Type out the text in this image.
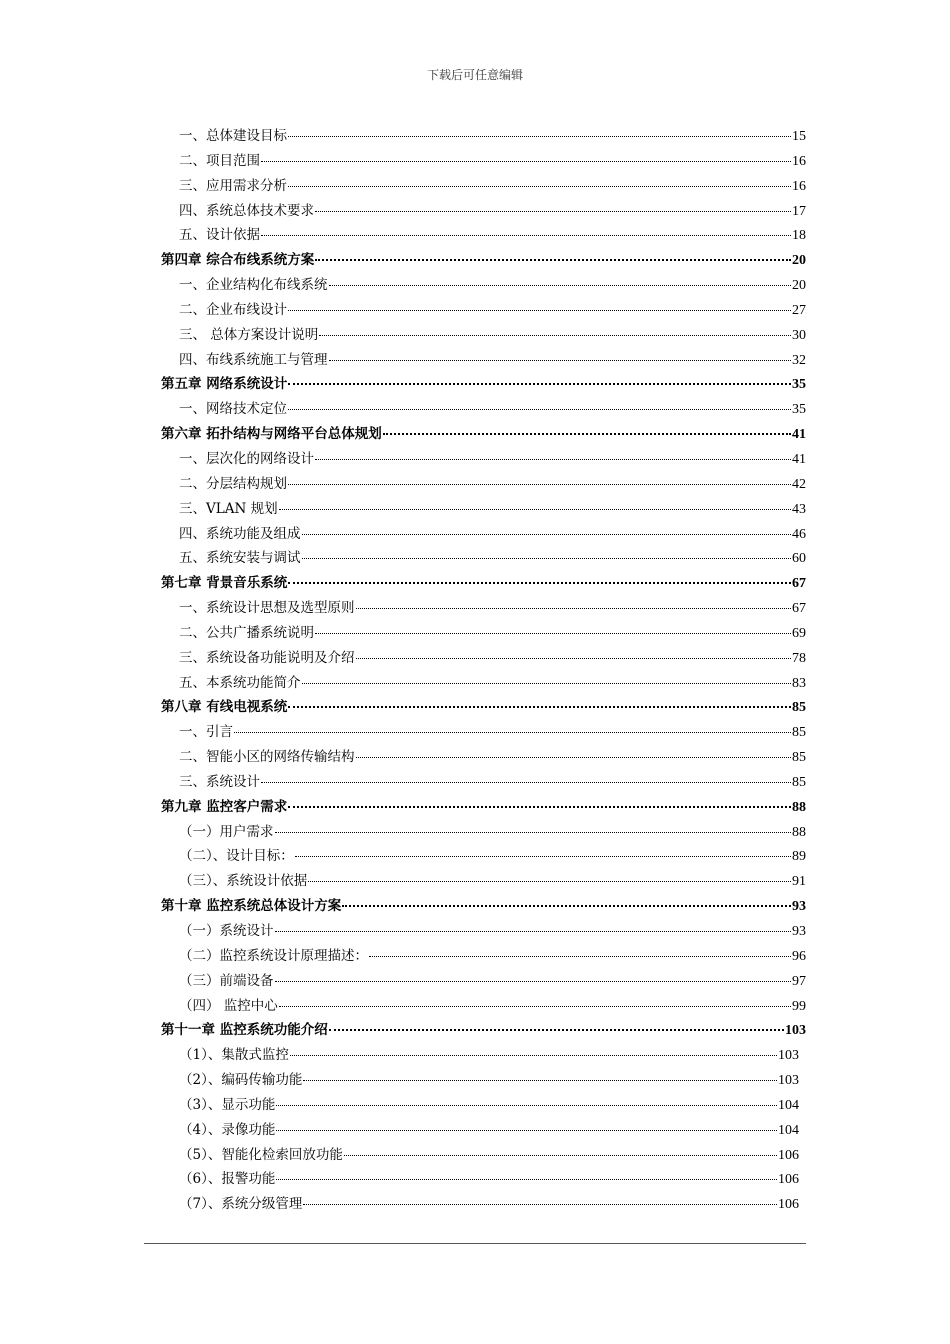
下载后可任意编辑
一、总体建设目标	15
二、项目范围	16
三、应用需求分析	16
四、系统总体技术要求	17
五、设计依据	18
第四章 综合布线系统方案	20
一、企业结构化布线系统	20
二、企业布线设计	27
三、 总体方案设计说明	30
四、布线系统施工与管理	32
第五章 网络系统设计	35
一、网络技术定位	35
第六章 拓扑结构与网络平台总体规划	41
一、层次化的网络设计	41
二、分层结构规划	42
三、VLAN 规划	43
四、系统功能及组成	46
五、系统安装与调试	60
第七章 背景音乐系统	67
一、系统设计思想及选型原则	67
二、公共广播系统说明	69
三、系统设备功能说明及介绍	78
五、本系统功能简介	83
第八章 有线电视系统	85
一、引言	85
二、智能小区的网络传输结构	85
三、系统设计	85
第九章 监控客户需求	88
（一）用户需求	88
（二）、设计目标：	89
（三）、系统设计依据	91
第十章 监控系统总体设计方案	93
（一）系统设计	93
（二）监控系统设计原理描述：	96
（三）前端设备	97
（四） 监控中心	99
第十一章 监控系统功能介绍	103
（1）、集散式监控	103
（2）、编码传输功能	103
（3）、显示功能	104
（4）、录像功能	104
（5）、智能化检索回放功能	106
（6）、报警功能	106
（7）、系统分级管理	106
